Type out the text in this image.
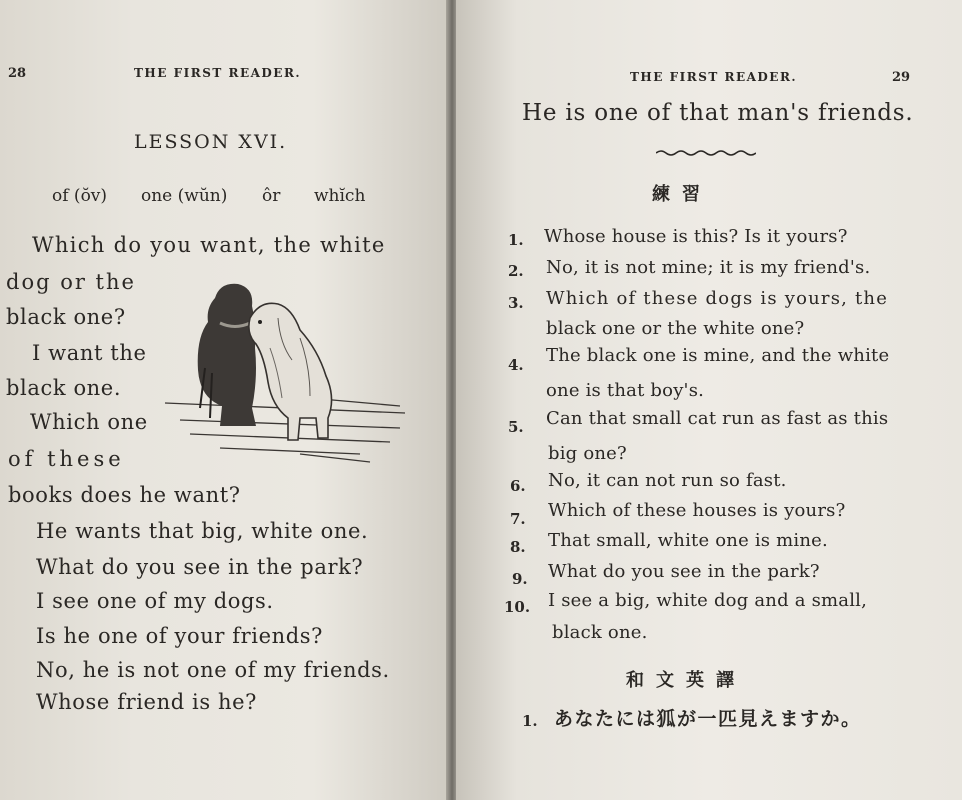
28	THE FIRST READER.
LESSON XVI.
of (ŏv) one (wŭn) ôr whĭch
Which do you want, the white
dog or the
black one?
I want the
black one.
Which one
of these
books does he want?
He wants that big, white one.
What do you see in the park?
I see one of my dogs.
Is he one of your friends?
No, he is not one of my friends.
Whose friend is he?
THE FIRST READER.	29
He is one of that man's friends.
練習
1. Whose house is this? Is it yours?
2. No, it is not mine; it is my friend's.
3. Which of these dogs is yours, the
black one or the white one?
4. The black one is mine, and the white
one is that boy's.
5. Can that small cat run as fast as this
big one?
6. No, it can not run so fast.
7. Which of these houses is yours?
8. That small, white one is mine.
9. What do you see in the park?
10. I see a big, white dog and a small,
black one.
和文英譯
1. あなたには狐が一匹見えますか。
